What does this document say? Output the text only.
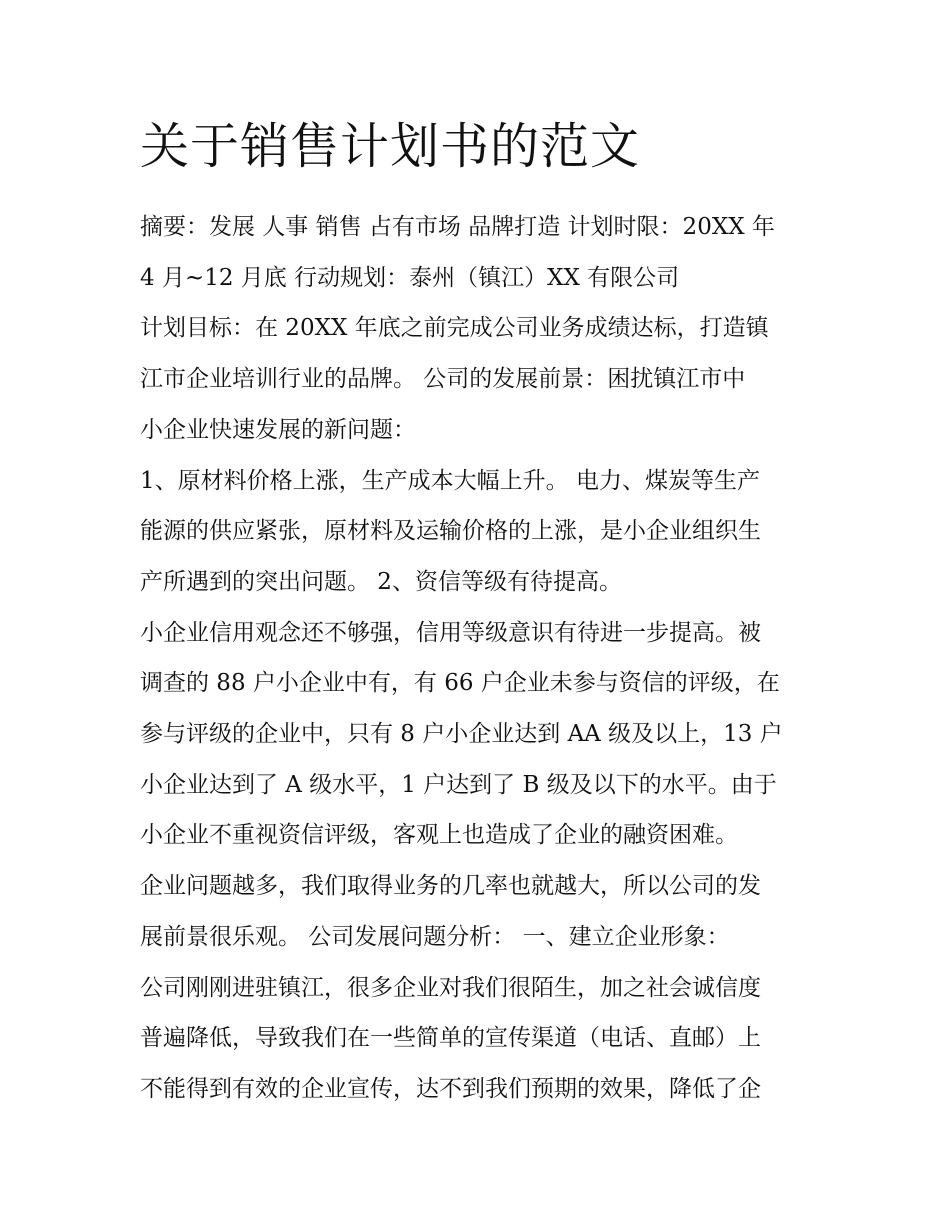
关于销售计划书的范文
摘要：发展 人事 销售 占有市场 品牌打造 计划时限：20XX 年
4 月~12 月底 行动规划：泰州（镇江）XX 有限公司
计划目标：在 20XX 年底之前完成公司业务成绩达标，打造镇
江市企业培训行业的品牌。 公司的发展前景：困扰镇江市中
小企业快速发展的新问题：
1、原材料价格上涨，生产成本大幅上升。 电力、煤炭等生产
能源的供应紧张，原材料及运输价格的上涨，是小企业组织生
产所遇到的突出问题。 2、资信等级有待提高。
小企业信用观念还不够强，信用等级意识有待进一步提高。被
调查的 88 户小企业中有，有 66 户企业未参与资信的评级，在
参与评级的企业中，只有 8 户小企业达到 AA 级及以上，13 户
小企业达到了 A 级水平，1 户达到了 B 级及以下的水平。由于
小企业不重视资信评级，客观上也造成了企业的融资困难。
企业问题越多，我们取得业务的几率也就越大，所以公司的发
展前景很乐观。 公司发展问题分析： 一、建立企业形象：
公司刚刚进驻镇江，很多企业对我们很陌生，加之社会诚信度
普遍降低，导致我们在一些简单的宣传渠道（电话、直邮）上
不能得到有效的企业宣传，达不到我们预期的效果，降低了企
